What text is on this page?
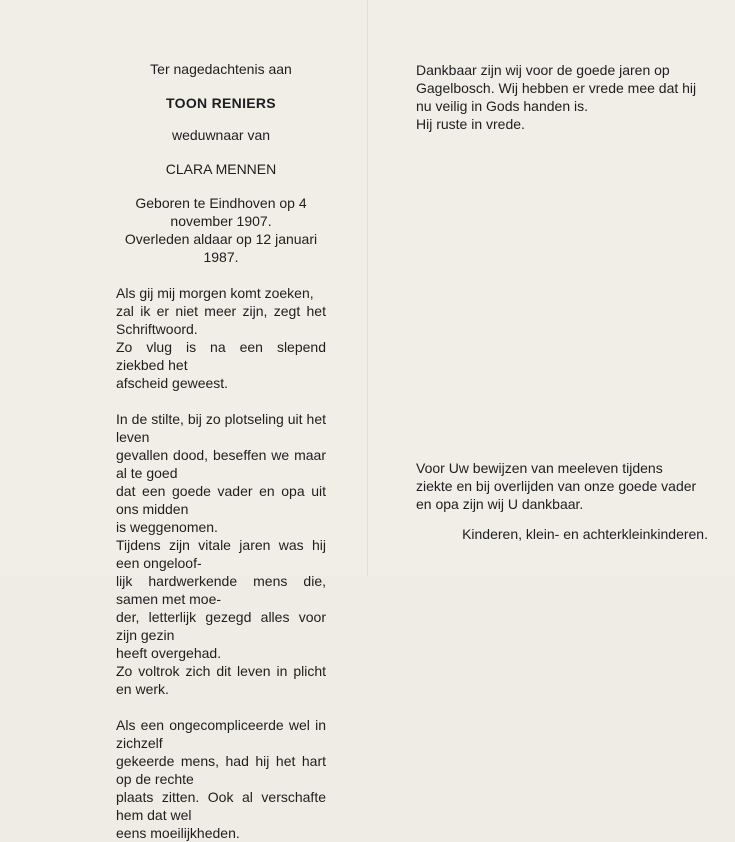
Ter nagedachtenis aan

TOON RENIERS

weduwnaar van

CLARA MENNEN

Geboren te Eindhoven op 4 november 1907.

Overleden aldaar op 12 januari 1987.

Als gij mij morgen komt zoeken,

zal ik er niet meer zijn, zegt het Schriftwoord.

Zo vlug is na een slepend ziekbed het

afscheid geweest.

In de stilte, bij zo plotseling uit het leven

gevallen dood, beseffen we maar al te goed

dat een goede vader en opa uit ons midden

is weggenomen.

Tijdens zijn vitale jaren was hij een ongeloof-

lijk hardwerkende mens die, samen met moe-

der, letterlijk gezegd alles voor zijn gezin

heeft overgehad.

Zo voltrok zich dit leven in plicht en werk.

Als een ongecompliceerde wel in zichzelf

gekeerde mens, had hij het hart op de rechte

plaats zitten. Ook al verschafte hem dat wel

eens moeilijkheden.

Dankbaar zijn wij voor de goede jaren op

Gagelbosch. Wij hebben er vrede mee dat hij

nu veilig in Gods handen is.

Hij ruste in vrede.

Voor Uw bewijzen van meeleven tijdens

ziekte en bij overlijden van onze goede vader

en opa zijn wij U dankbaar.

Kinderen, klein- en achterkleinkinderen.
